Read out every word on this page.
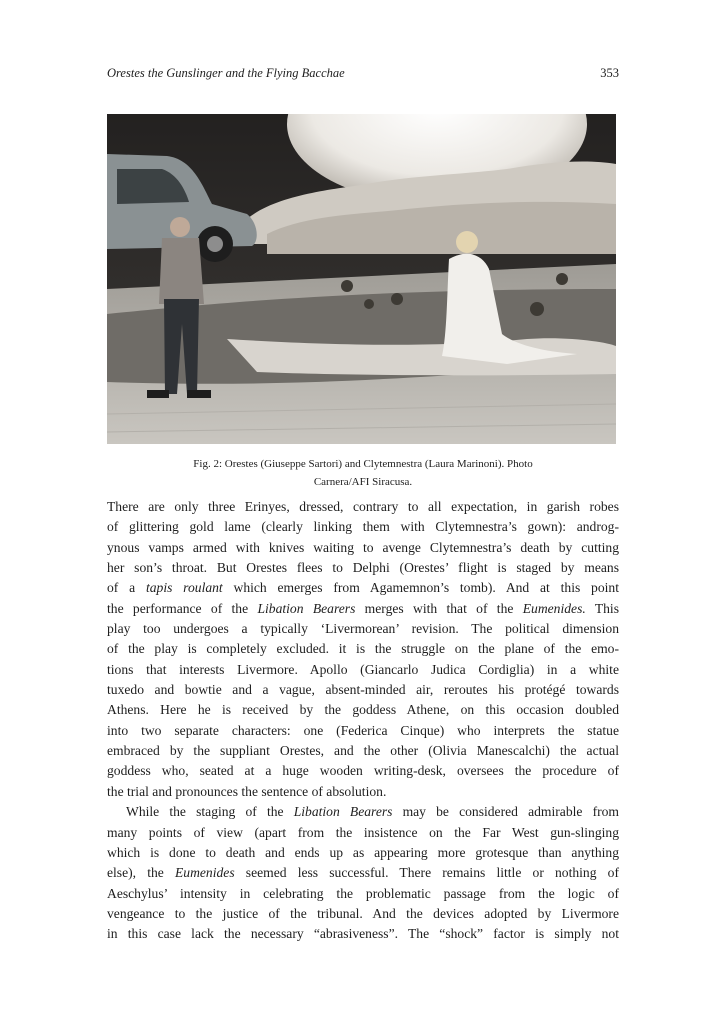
Orestes the Gunslinger and the Flying Bacchae	353
Fig. 2: Orestes (Giuseppe Sartori) and Clytemnestra (Laura Marinoni). Photo
Carnera/AFI Siracusa.

There are only three Erinyes, dressed, contrary to all expectation, in garish robes
of glittering gold lame (clearly linking them with Clytemnestra’s gown): androg-
ynous vamps armed with knives waiting to avenge Clytemnestra’s death by cutting
her son’s throat. But Orestes flees to Delphi (Orestes’ flight is staged by means
of a tapis roulant which emerges from Agamemnon’s tomb). And at this point
the performance of the Libation Bearers merges with that of the Eumenides. This
play too undergoes a typically ‘Livermorean’ revision. The political dimension
of the play is completely excluded. it is the struggle on the plane of the emo-
tions that interests Livermore. Apollo (Giancarlo Judica Cordiglia) in a white
tuxedo and bowtie and a vague, absent-minded air, reroutes his protégé towards
Athens. Here he is received by the goddess Athene, on this occasion doubled
into two separate characters: one (Federica Cinque) who interprets the statue
embraced by the suppliant Orestes, and the other (Olivia Manescalchi) the actual
goddess who, seated at a huge wooden writing-desk, oversees the procedure of
the trial and pronounces the sentence of absolution.

While the staging of the Libation Bearers may be considered admirable from
many points of view (apart from the insistence on the Far West gun-slinging
which is done to death and ends up as appearing more grotesque than anything
else), the Eumenides seemed less successful. There remains little or nothing of
Aeschylus’ intensity in celebrating the problematic passage from the logic of
vengeance to the justice of the tribunal. And the devices adopted by Livermore
in this case lack the necessary “abrasiveness”. The “shock” factor is simply not
